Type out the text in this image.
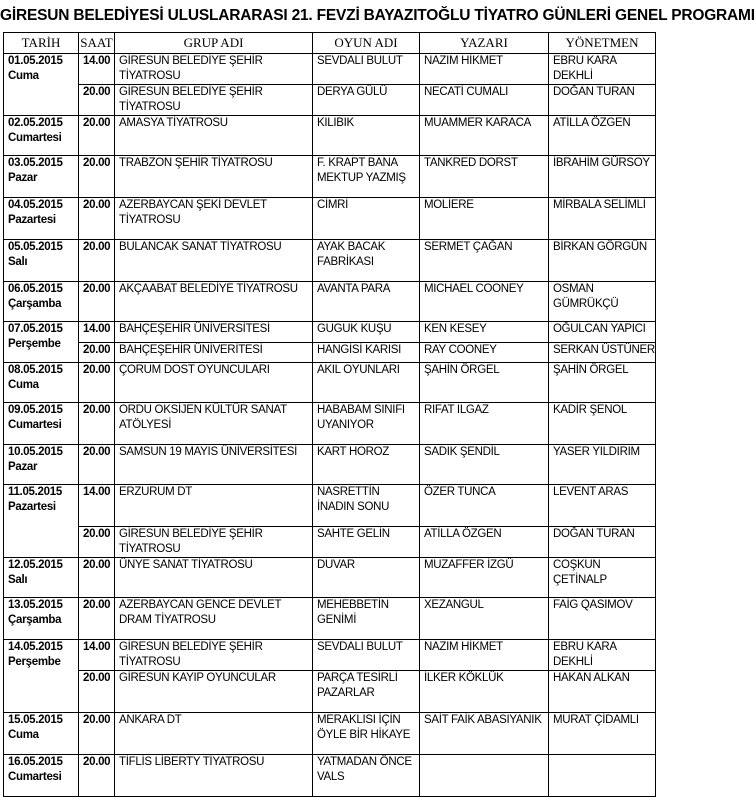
GİRESUN BELEDİYESİ ULUSLARARASI 21. FEVZİ BAYAZITOĞLU TİYATRO GÜNLERİ GENEL PROGRAMI
TARİH	SAAT	GRUP ADI	OYUN ADI	YAZARI	YÖNETMEN

01.05.2015
Cuma	14.00	GİRESUN BELEDİYE ŞEHİR TİYATROSU	SEVDALI BULUT	NAZIM HİKMET	EBRU KARA DEKHLİ
	20.00	GİRESUN BELEDİYE ŞEHİR TİYATROSU	DERYA GÜLÜ	NECATİ CUMALI	DOĞAN TURAN

02.05.2015
Cumartesi	20.00	AMASYA TİYATROSU	KILIBIK	MUAMMER KARACA	ATİLLA ÖZGEN

03.05.2015
Pazar	20.00	TRABZON ŞEHİR TİYATROSU	F. KRAPT BANA MEKTUP YAZMIŞ	TANKRED DORST	İBRAHİM GÜRSOY

04.05.2015
Pazartesi	20.00	AZERBAYCAN ŞEKİ DEVLET TİYATROSU	CİMRİ	MOLİERE	MİRBALA SELİMLİ

05.05.2015
Salı	20.00	BULANCAK SANAT TİYATROSU	AYAK BACAK FABRİKASI	SERMET ÇAĞAN	BİRKAN GÖRGÜN

06.05.2015
Çarşamba	20.00	AKÇAABAT BELEDİYE TİYATROSU	AVANTA PARA	MICHAEL COONEY	OSMAN GÜMRÜKÇÜ

07.05.2015
Perşembe	14.00	BAHÇEŞEHİR ÜNİVERSİTESİ	GUGUK KUŞU	KEN KESEY	OĞULCAN YAPICI
	20.00	BAHÇEŞEHİR ÜNİVERİTESİ	HANGİSİ KARISI	RAY COONEY	SERKAN ÜSTÜNER

08.05.2015
Cuma	20.00	ÇORUM DOST OYUNCULARI	AKIL OYUNLARI	ŞAHİN ÖRGEL	ŞAHİN ÖRGEL

09.05.2015
Cumartesi	20.00	ORDU OKSİJEN KÜLTÜR SANAT ATÖLYESİ	HABABAM SINIFI UYANIYOR	RIFAT ILGAZ	KADİR ŞENOL

10.05.2015
Pazar	20.00	SAMSUN 19 MAYIS ÜNİVERSİTESİ	KART HOROZ	SADIK ŞENDİL	YASER YILDIRIM

11.05.2015
Pazartesi	14.00	ERZURUM DT	NASRETTİN İNADIN SONU	ÖZER TUNCA	LEVENT ARAS
	20.00	GİRESUN BELEDİYE ŞEHİR TİYATROSU	SAHTE GELİN	ATİLLA ÖZGEN	DOĞAN TURAN

12.05.2015
Salı	20.00	ÜNYE SANAT TİYATROSU	DUVAR	MUZAFFER İZGÜ	COŞKUN ÇETİNALP

13.05.2015
Çarşamba	20.00	AZERBAYCAN GENCE DEVLET DRAM TİYATROSU	MEHEBBETİN GENİMİ	XEZANGUL	FAİG QASIMOV

14.05.2015
Perşembe	14.00	GİRESUN BELEDİYE ŞEHİR TİYATROSU	SEVDALI BULUT	NAZIM HİKMET	EBRU KARA DEKHLİ
	20.00	GİRESUN KAYIP OYUNCULAR	PARÇA TESİRLİ PAZARLAR	İLKER KÖKLÜK	HAKAN ALKAN

15.05.2015
Cuma	20.00	ANKARA DT	MERAKLISI İÇİN ÖYLE BİR HİKAYE	SAİT FAİK ABASIYANIK	MURAT ÇİDAMLI

16.05.2015
Cumartesi	20.00	TİFLİS LİBERTY TİYATROSU	YATMADAN ÖNCE VALS		
